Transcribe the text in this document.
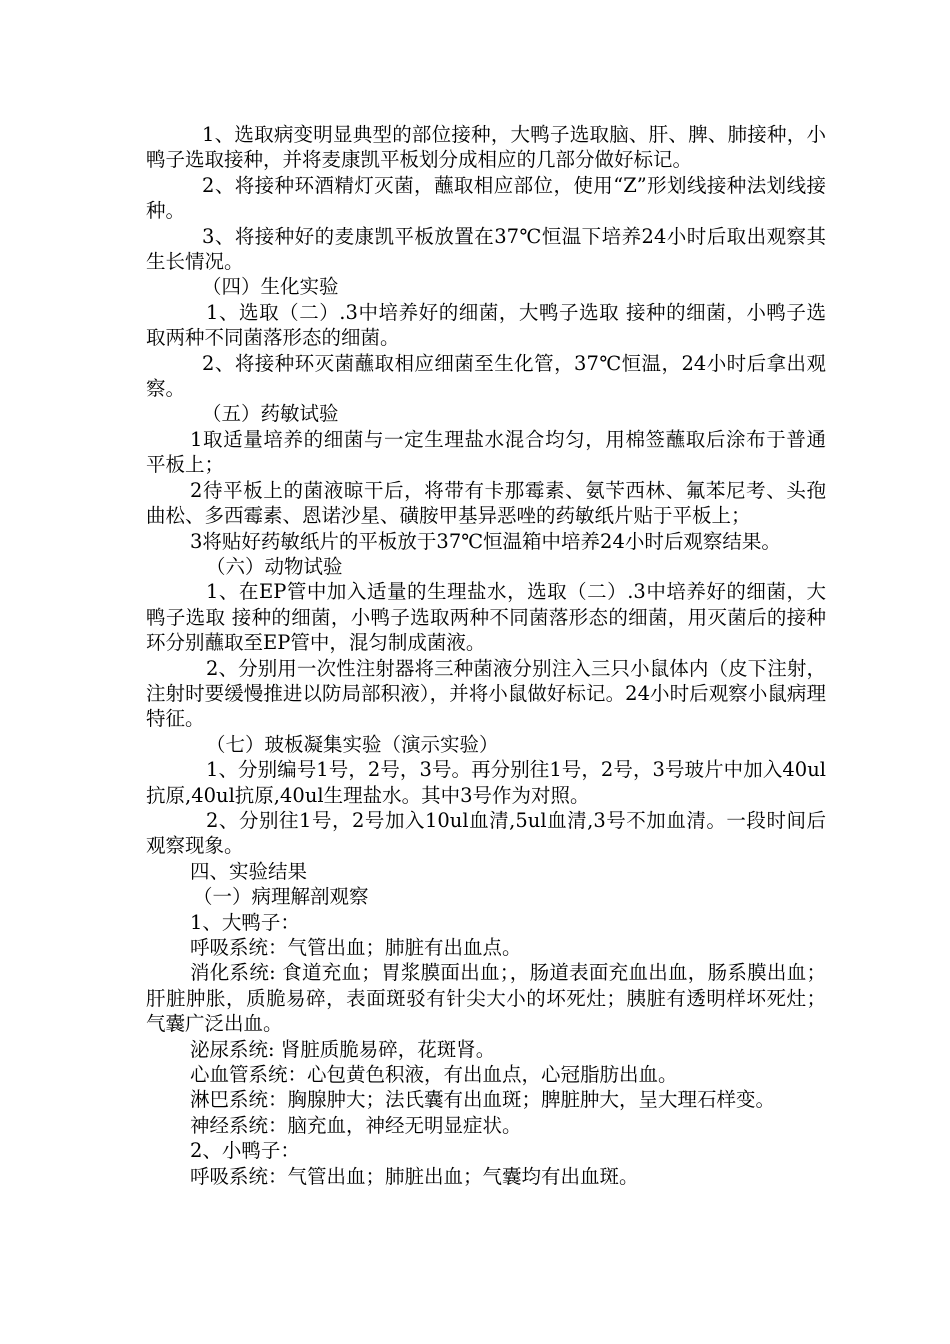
1、选取病变明显典型的部位接种，大鸭子选取脑、肝、脾、肺接种，小鸭子选取接种，并将麦康凯平板划分成相应的几部分做好标记。

2、将接种环酒精灯灭菌，蘸取相应部位，使用“Z”形划线接种法划线接种。

3、将接种好的麦康凯平板放置在37℃恒温下培养24小时后取出观察其生长情况。

（四）生化实验

1、选取（二）.3中培养好的细菌，大鸭子选取 接种的细菌，小鸭子选取两种不同菌落形态的细菌。

2、将接种环灭菌蘸取相应细菌至生化管，37℃恒温，24小时后拿出观察。

（五）药敏试验

1取适量培养的细菌与一定生理盐水混合均匀，用棉签蘸取后涂布于普通平板上；

2待平板上的菌液晾干后，将带有卡那霉素、氨苄西林、氟苯尼考、头孢曲松、多西霉素、恩诺沙星、磺胺甲基异恶唑的药敏纸片贴于平板上；

3将贴好药敏纸片的平板放于37℃恒温箱中培养24小时后观察结果。

（六）动物试验

1、在EP管中加入适量的生理盐水，选取（二）.3中培养好的细菌，大鸭子选取 接种的细菌，小鸭子选取两种不同菌落形态的细菌，用灭菌后的接种环分别蘸取至EP管中，混匀制成菌液。

2、分别用一次性注射器将三种菌液分别注入三只小鼠体内（皮下注射，注射时要缓慢推进以防局部积液），并将小鼠做好标记。24小时后观察小鼠病理特征。

（七）玻板凝集实验（演示实验）

1、分别编号1号，2号，3号。再分别往1号，2号，3号玻片中加入40ul抗原,40ul抗原,40ul生理盐水。其中3号作为对照。

2、分别往1号，2号加入10ul血清,5ul血清,3号不加血清。一段时间后观察现象。

四、实验结果

（一）病理解剖观察

1、大鸭子：

呼吸系统：气管出血；肺脏有出血点。

消化系统: 食道充血；胃浆膜面出血；，肠道表面充血出血，肠系膜出血；肝脏肿胀，质脆易碎，表面斑驳有针尖大小的坏死灶；胰脏有透明样坏死灶；气囊广泛出血。

泌尿系统: 肾脏质脆易碎，花斑肾。

心血管系统：心包黄色积液，有出血点，心冠脂肪出血。

淋巴系统：胸腺肿大；法氏囊有出血斑；脾脏肿大，呈大理石样变。

神经系统：脑充血，神经无明显症状。

2、小鸭子：

呼吸系统：气管出血；肺脏出血；气囊均有出血斑。
